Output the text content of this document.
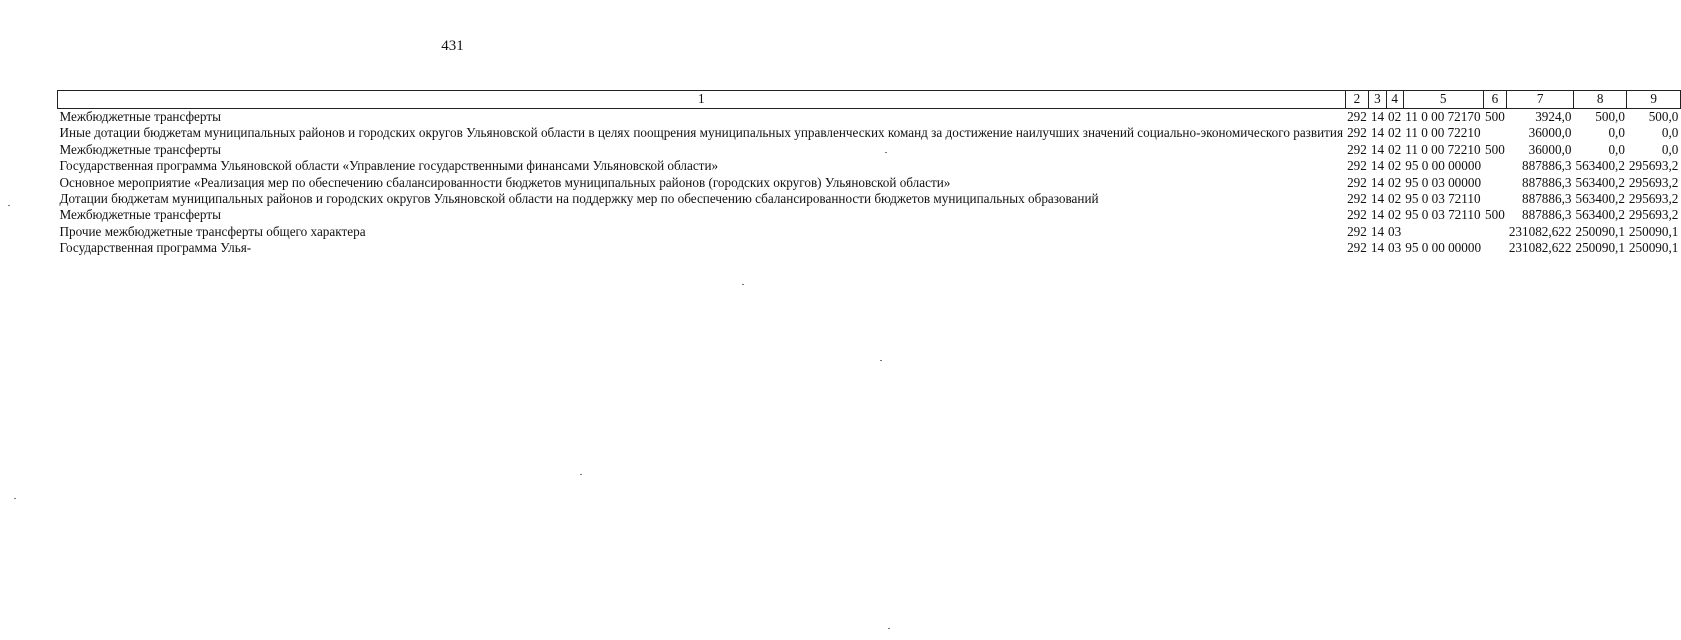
431
1	2	3	4	5	6	7	8	9
Межбюджетные трансферты	292	14	02	11 0 00 72170	500	3924,0	500,0	500,0
Иные дотации бюджетам муниципальных районов и городских округов Ульяновской области в целях поощрения муниципальных управленческих команд за достижение наилучших значений социально-экономического развития	292	14	02	11 0 00 72210		36000,0	0,0	0,0
Межбюджетные трансферты	292	14	02	11 0 00 72210	500	36000,0	0,0	0,0
Государственная программа Ульяновской области «Управление государственными финансами Ульяновской области»	292	14	02	95 0 00 00000		887886,3	563400,2	295693,2
Основное мероприятие «Реализация мер по обеспечению сбалансированности бюджетов муниципальных районов (городских округов) Ульяновской области»	292	14	02	95 0 03 00000		887886,3	563400,2	295693,2
Дотации бюджетам муниципальных районов и городских округов Ульяновской области на поддержку мер по обеспечению сбалансированности бюджетов муниципальных образований	292	14	02	95 0 03 72110		887886,3	563400,2	295693,2
Межбюджетные трансферты	292	14	02	95 0 03 72110	500	887886,3	563400,2	295693,2
Прочие межбюджетные трансферты общего характера	292	14	03			231082,622	250090,1	250090,1
Государственная программа Улья-	292	14	03	95 0 00 00000		231082,622	250090,1	250090,1
